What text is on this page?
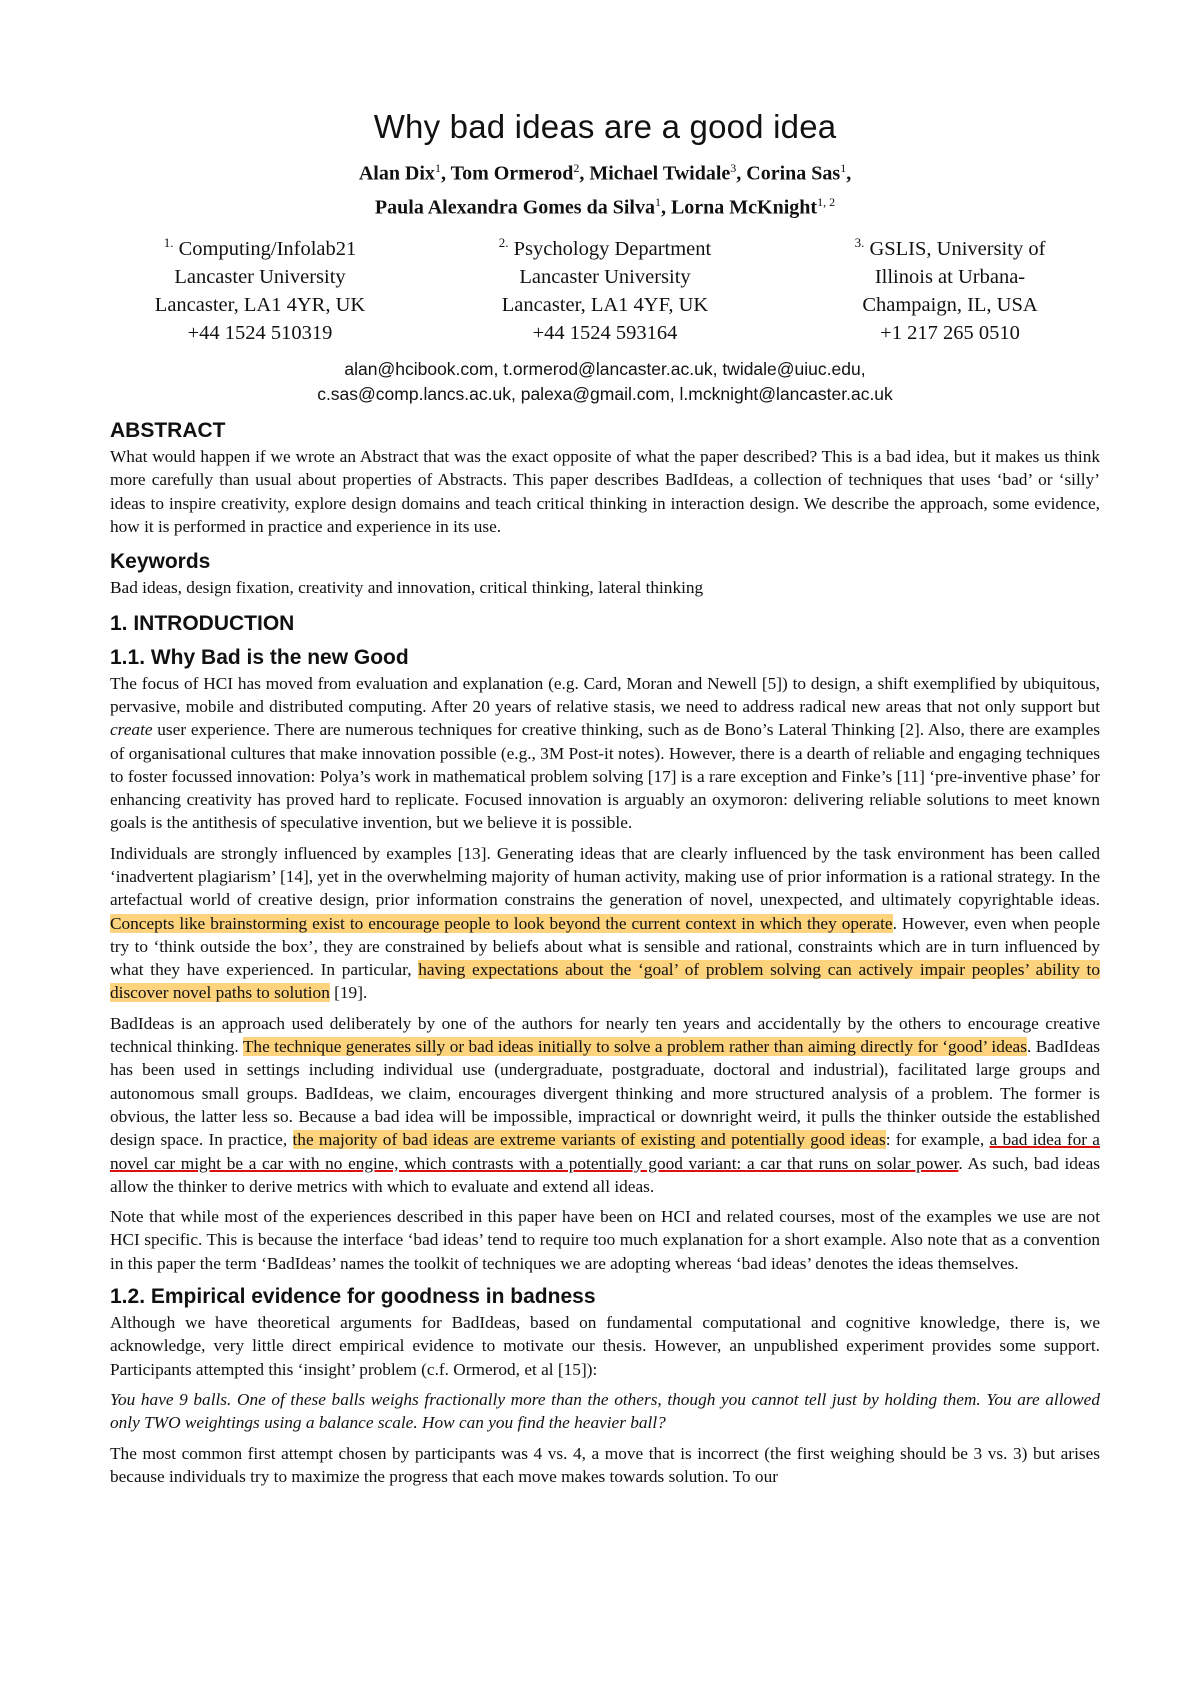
Why bad ideas are a good idea
Alan Dix$^1$, Tom Ormerod$^2$, Michael Twidale$^3$, Corina Sas$^1$,
Paula Alexandra Gomes da Silva$^1$, Lorna McKnight$^{1, 2}$
$^{1.}$ Computing/Infolab21
Lancaster University
Lancaster, LA1 4YR, UK
+44 1524 510319
$^{2.}$ Psychology Department
Lancaster University
Lancaster, LA1 4YF, UK
+44 1524 593164
$^{3.}$ GSLIS, University of
Illinois at Urbana-
Champaign, IL, USA
+1 217 265 0510
alan@hcibook.com, t.ormerod@lancaster.ac.uk, twidale@uiuc.edu,
c.sas@comp.lancs.ac.uk, palexa@gmail.com, l.mcknight@lancaster.ac.uk
ABSTRACT

What would happen if we wrote an Abstract that was the exact opposite of what the paper described? This is a bad idea, but it makes us think more carefully than usual about properties of Abstracts. This paper describes BadIdeas, a collection of techniques that uses ‘bad’ or ‘silly’ ideas to inspire creativity, explore design domains and teach critical thinking in interaction design. We describe the approach, some evidence, how it is performed in practice and experience in its use.

Keywords

Bad ideas, design fixation, creativity and innovation, critical thinking, lateral thinking

1. INTRODUCTION
1.1. Why Bad is the new Good

The focus of HCI has moved from evaluation and explanation (e.g. Card, Moran and Newell [5]) to design, a shift exemplified by ubiquitous, pervasive, mobile and distributed computing. After 20 years of relative stasis, we need to address radical new areas that not only support but create user experience. There are numerous techniques for creative thinking, such as de Bono’s Lateral Thinking [2]. Also, there are examples of organisational cultures that make innovation possible (e.g., 3M Post-it notes). However, there is a dearth of reliable and engaging techniques to foster focussed innovation: Polya’s work in mathematical problem solving [17] is a rare exception and Finke’s [11] ‘pre-inventive phase’ for enhancing creativity has proved hard to replicate. Focused innovation is arguably an oxymoron: delivering reliable solutions to meet known goals is the antithesis of speculative invention, but we believe it is possible.

Individuals are strongly influenced by examples [13]. Generating ideas that are clearly influenced by the task environment has been called ‘inadvertent plagiarism’ [14], yet in the overwhelming majority of human activity, making use of prior information is a rational strategy. In the artefactual world of creative design, prior information constrains the generation of novel, unexpected, and ultimately copyrightable ideas. Concepts like brainstorming exist to encourage people to look beyond the current context in which they operate. However, even when people try to ‘think outside the box’, they are constrained by beliefs about what is sensible and rational, constraints which are in turn influenced by what they have experienced. In particular, having expectations about the ‘goal’ of problem solving can actively impair peoples’ ability to discover novel paths to solution [19].

BadIdeas is an approach used deliberately by one of the authors for nearly ten years and accidentally by the others to encourage creative technical thinking. The technique generates silly or bad ideas initially to solve a problem rather than aiming directly for ‘good’ ideas. BadIdeas has been used in settings including individual use (undergraduate, postgraduate, doctoral and industrial), facilitated large groups and autonomous small groups. BadIdeas, we claim, encourages divergent thinking and more structured analysis of a problem. The former is obvious, the latter less so. Because a bad idea will be impossible, impractical or downright weird, it pulls the thinker outside the established design space. In practice, the majority of bad ideas are extreme variants of existing and potentially good ideas: for example, a bad idea for a novel car might be a car with no engine, which contrasts with a potentially good variant: a car that runs on solar power. As such, bad ideas allow the thinker to derive metrics with which to evaluate and extend all ideas.

Note that while most of the experiences described in this paper have been on HCI and related courses, most of the examples we use are not HCI specific. This is because the interface ‘bad ideas’ tend to require too much explanation for a short example. Also note that as a convention in this paper the term ‘BadIdeas’ names the toolkit of techniques we are adopting whereas ‘bad ideas’ denotes the ideas themselves.

1.2. Empirical evidence for goodness in badness

Although we have theoretical arguments for BadIdeas, based on fundamental computational and cognitive knowledge, there is, we acknowledge, very little direct empirical evidence to motivate our thesis. However, an unpublished experiment provides some support. Participants attempted this ‘insight’ problem (c.f. Ormerod, et al [15]):

You have 9 balls. One of these balls weighs fractionally more than the others, though you cannot tell just by holding them. You are allowed only TWO weightings using a balance scale. How can you find the heavier ball?

The most common first attempt chosen by participants was 4 vs. 4, a move that is incorrect (the first weighing should be 3 vs. 3) but arises because individuals try to maximize the progress that each move makes towards solution. To our
